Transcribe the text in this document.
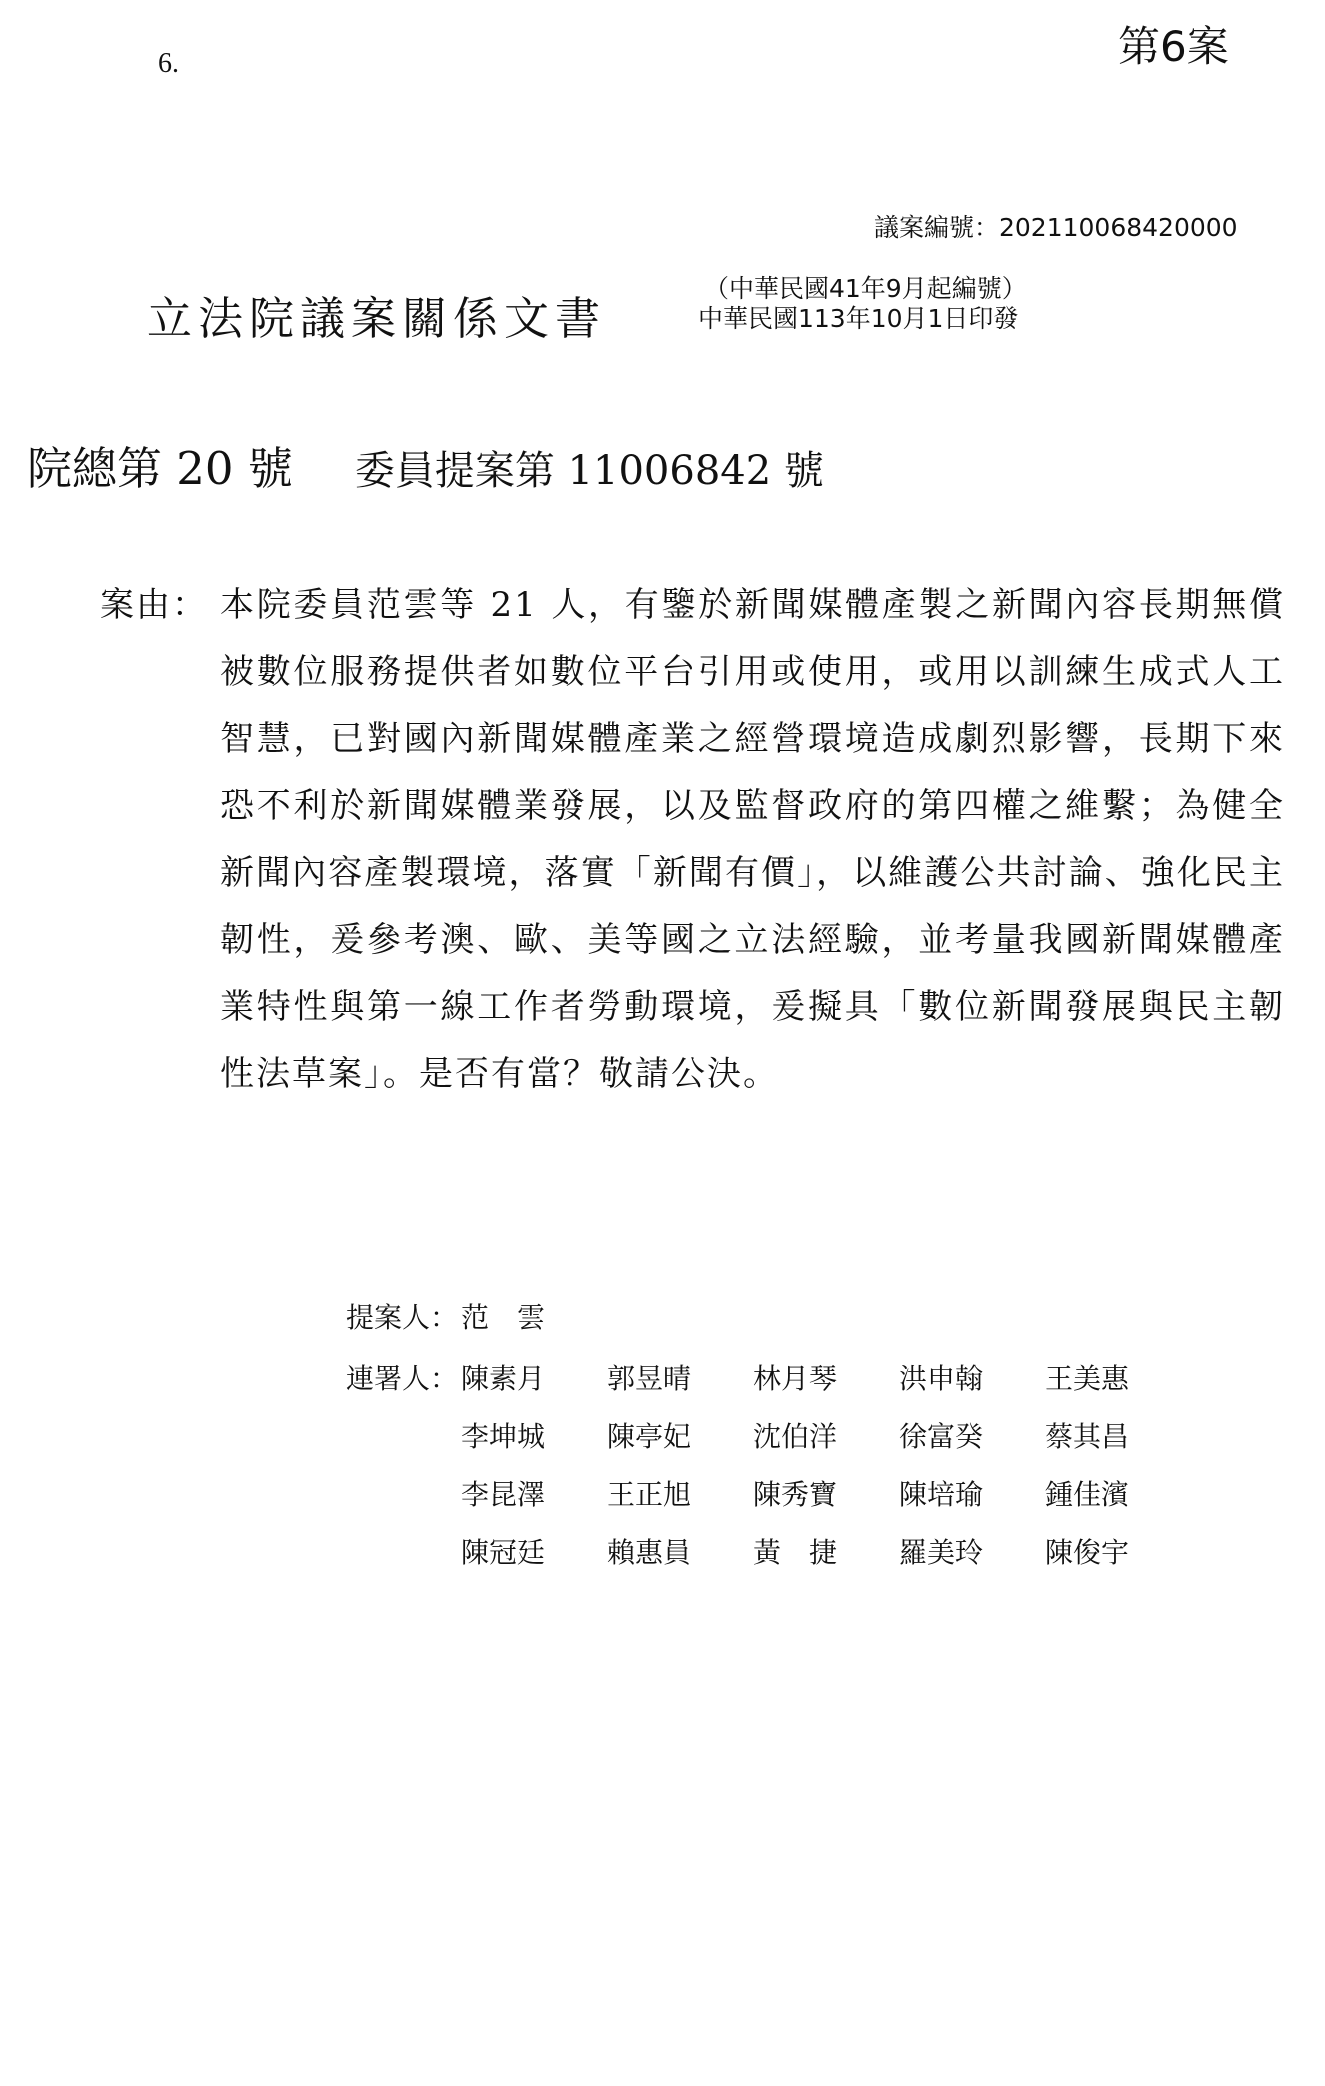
6.	第6案
議案編號：202110068420000
立法院議案關係文書
（中華民國41年9月起編號）
中華民國113年10月1日印發
院總第 20 號 委員提案第 11006842 號
案由： 本院委員范雲等 21 人，有鑒於新聞媒體產製之新聞內容長期無償被數位服務提供者如數位平台引用或使用，或用以訓練生成式人工智慧，已對國內新聞媒體產業之經營環境造成劇烈影響，長期下來恐不利於新聞媒體業發展，以及監督政府的第四權之維繫；為健全新聞內容產製環境，落實「新聞有價」，以維護公共討論、強化民主韌性，爰參考澳、歐、美等國之立法經驗，並考量我國新聞媒體產業特性與第一線工作者勞動環境，爰擬具「數位新聞發展與民主韌性法草案」。是否有當？敬請公決。
提案人： 范　雲
連署人： 陳素月	郭昱晴	林月琴	洪申翰	王美惠
李坤城	陳亭妃	沈伯洋	徐富癸	蔡其昌
李昆澤	王正旭	陳秀寶	陳培瑜	鍾佳濱
陳冠廷	賴惠員	黃　捷	羅美玲	陳俊宇
